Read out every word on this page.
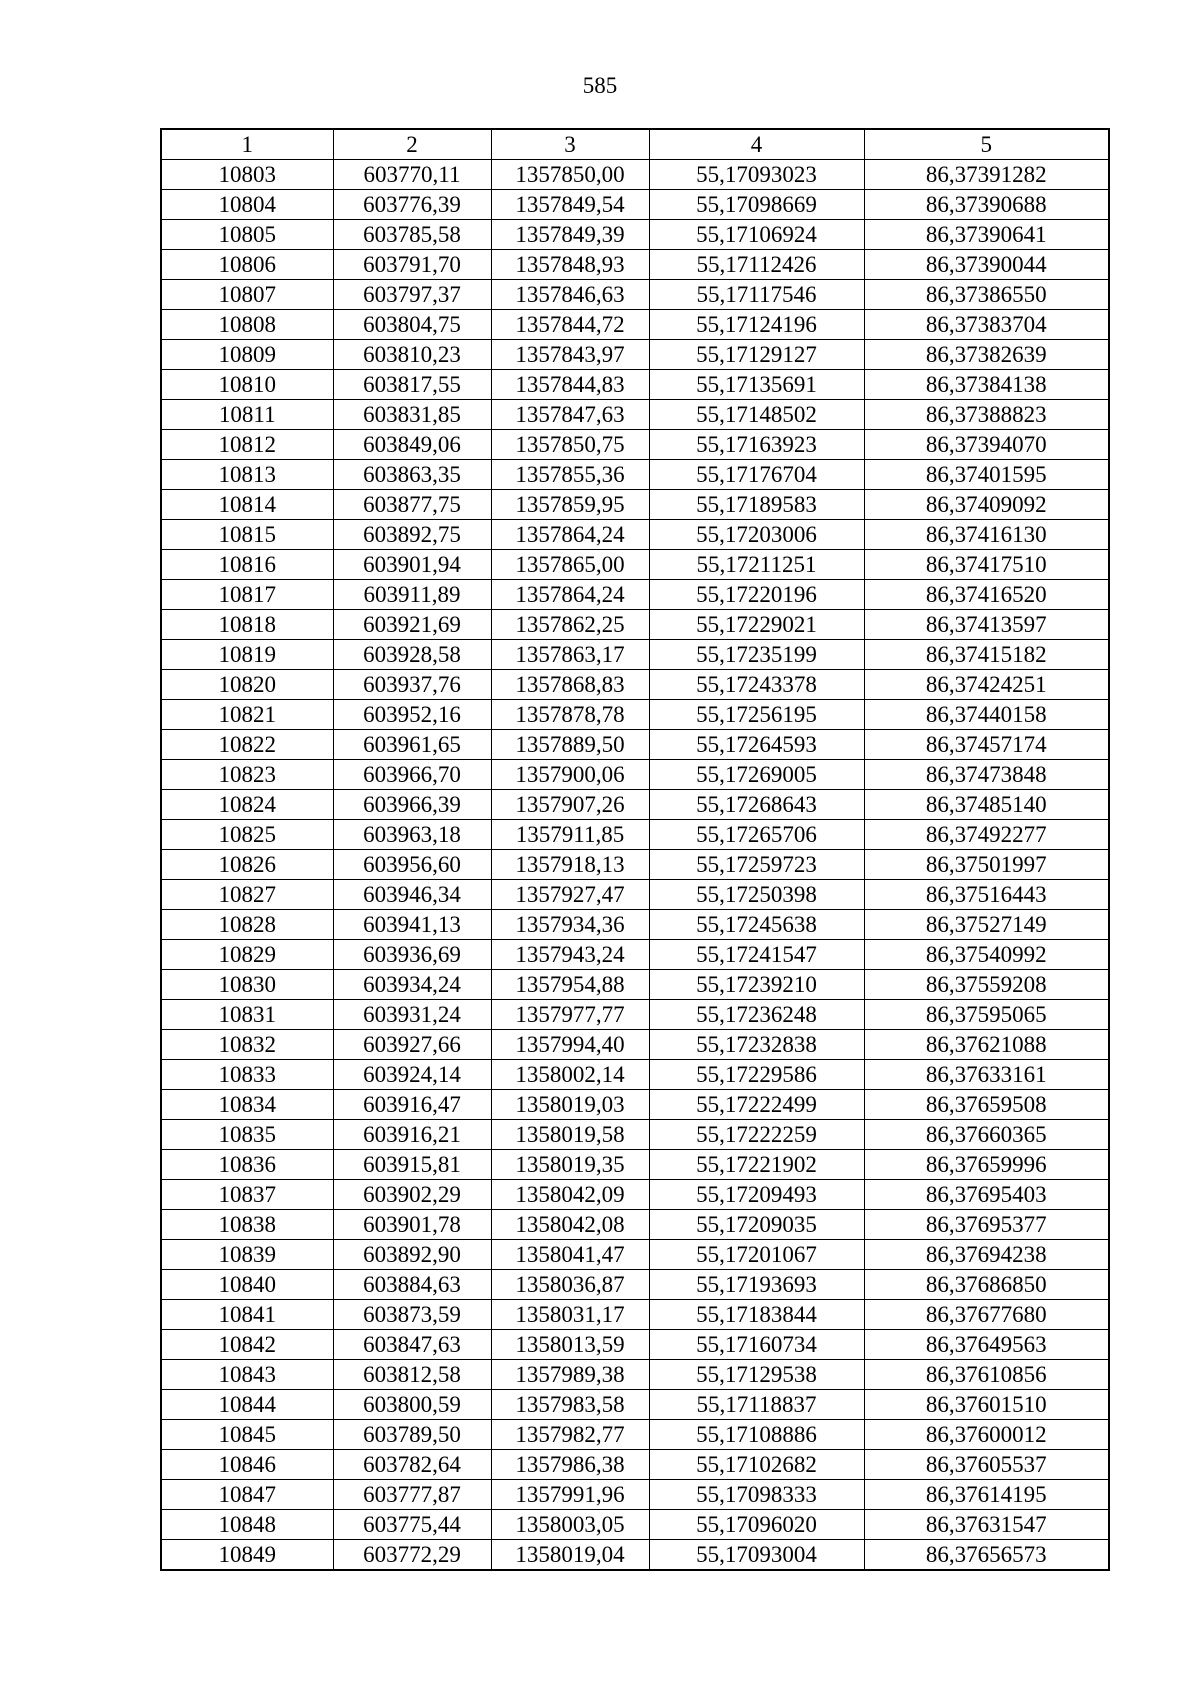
585
1	2	3	4	5
10803	603770,11	1357850,00	55,17093023	86,37391282
10804	603776,39	1357849,54	55,17098669	86,37390688
10805	603785,58	1357849,39	55,17106924	86,37390641
10806	603791,70	1357848,93	55,17112426	86,37390044
10807	603797,37	1357846,63	55,17117546	86,37386550
10808	603804,75	1357844,72	55,17124196	86,37383704
10809	603810,23	1357843,97	55,17129127	86,37382639
10810	603817,55	1357844,83	55,17135691	86,37384138
10811	603831,85	1357847,63	55,17148502	86,37388823
10812	603849,06	1357850,75	55,17163923	86,37394070
10813	603863,35	1357855,36	55,17176704	86,37401595
10814	603877,75	1357859,95	55,17189583	86,37409092
10815	603892,75	1357864,24	55,17203006	86,37416130
10816	603901,94	1357865,00	55,17211251	86,37417510
10817	603911,89	1357864,24	55,17220196	86,37416520
10818	603921,69	1357862,25	55,17229021	86,37413597
10819	603928,58	1357863,17	55,17235199	86,37415182
10820	603937,76	1357868,83	55,17243378	86,37424251
10821	603952,16	1357878,78	55,17256195	86,37440158
10822	603961,65	1357889,50	55,17264593	86,37457174
10823	603966,70	1357900,06	55,17269005	86,37473848
10824	603966,39	1357907,26	55,17268643	86,37485140
10825	603963,18	1357911,85	55,17265706	86,37492277
10826	603956,60	1357918,13	55,17259723	86,37501997
10827	603946,34	1357927,47	55,17250398	86,37516443
10828	603941,13	1357934,36	55,17245638	86,37527149
10829	603936,69	1357943,24	55,17241547	86,37540992
10830	603934,24	1357954,88	55,17239210	86,37559208
10831	603931,24	1357977,77	55,17236248	86,37595065
10832	603927,66	1357994,40	55,17232838	86,37621088
10833	603924,14	1358002,14	55,17229586	86,37633161
10834	603916,47	1358019,03	55,17222499	86,37659508
10835	603916,21	1358019,58	55,17222259	86,37660365
10836	603915,81	1358019,35	55,17221902	86,37659996
10837	603902,29	1358042,09	55,17209493	86,37695403
10838	603901,78	1358042,08	55,17209035	86,37695377
10839	603892,90	1358041,47	55,17201067	86,37694238
10840	603884,63	1358036,87	55,17193693	86,37686850
10841	603873,59	1358031,17	55,17183844	86,37677680
10842	603847,63	1358013,59	55,17160734	86,37649563
10843	603812,58	1357989,38	55,17129538	86,37610856
10844	603800,59	1357983,58	55,17118837	86,37601510
10845	603789,50	1357982,77	55,17108886	86,37600012
10846	603782,64	1357986,38	55,17102682	86,37605537
10847	603777,87	1357991,96	55,17098333	86,37614195
10848	603775,44	1358003,05	55,17096020	86,37631547
10849	603772,29	1358019,04	55,17093004	86,37656573
